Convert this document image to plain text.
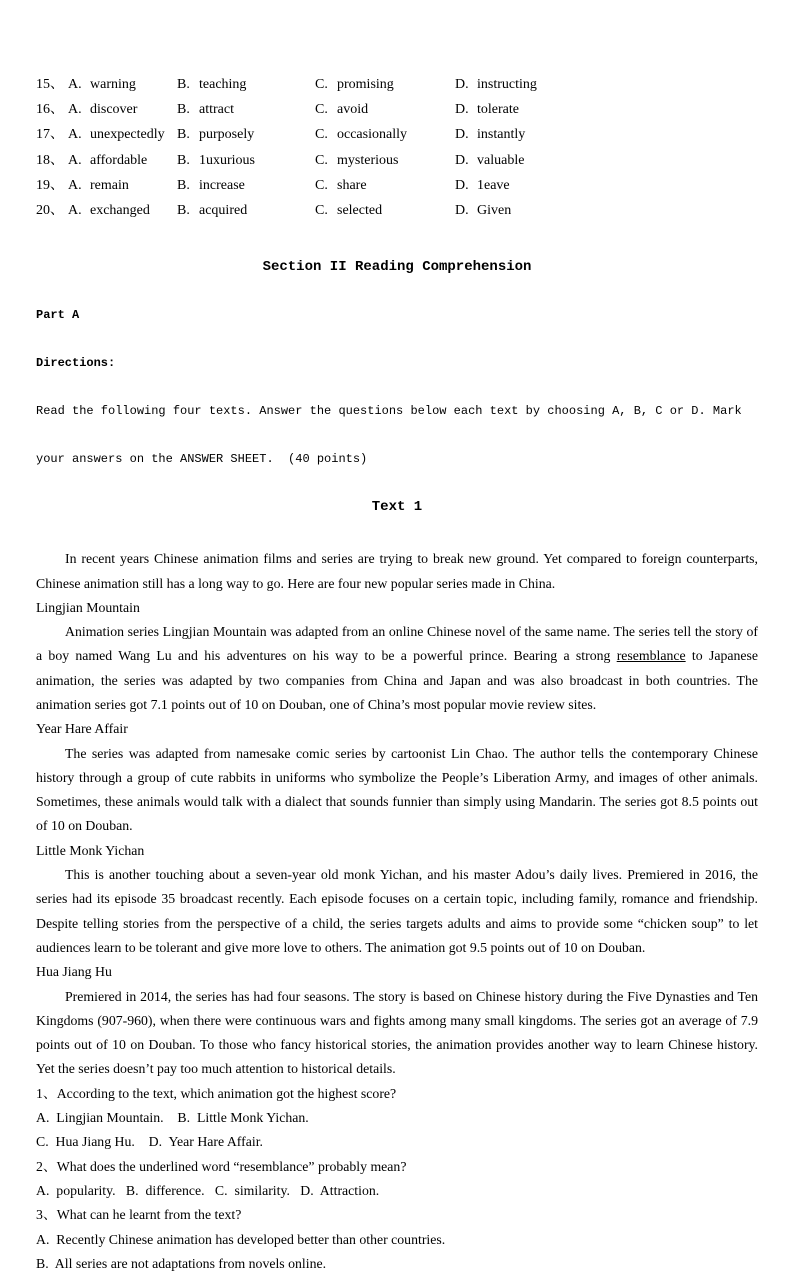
15、 A. warning	B. teaching	C. promising	D. instructing
16、 A. discover	B. attract	C. avoid	D. tolerate
17、 A. unexpectedly B. purposely	C. occasionally	D. instantly
18、 A. affordable	B. 1uxurious	C. mysterious	D. valuable
19、 A. remain	B. increase	C. share	D. 1eave
20、 A. exchanged	B. acquired	C. selected	D. Given

Section II Reading Comprehension

Part A

Directions:

Read the following four texts. Answer the questions below each text by choosing A, B, C or D. Mark

your answers on the ANSWER SHEET.  (40 points)

Text 1

In recent years Chinese animation films and series are trying to break new ground. Yet compared to foreign counterparts, Chinese animation still has a long way to go. Here are four new popular series made in China.

Lingjian Mountain

Animation series Lingjian Mountain was adapted from an online Chinese novel of the same name. The series tell the story of a boy named Wang Lu and his adventures on his way to be a powerful prince. Bearing a strong resemblance to Japanese animation, the series was adapted by two companies from China and Japan and was also broadcast in both countries. The animation series got 7.1 points out of 10 on Douban, one of China’s most popular movie review sites.

Year Hare Affair

The series was adapted from namesake comic series by cartoonist Lin Chao. The author tells the contemporary Chinese history through a group of cute rabbits in uniforms who symbolize the People’s Liberation Army, and images of other animals. Sometimes, these animals would talk with a dialect that sounds funnier than simply using Mandarin. The series got 8.5 points out of 10 on Douban.

Little Monk Yichan

This is another touching about a seven-year old monk Yichan, and his master Adou’s daily lives. Premiered in 2016, the series had its episode 35 broadcast recently. Each episode focuses on a certain topic, including family, romance and friendship. Despite telling stories from the perspective of a child, the series targets adults and aims to provide some “chicken soup” to let audiences learn to be tolerant and give more love to others. The animation got 9.5 points out of 10 on Douban.

Hua Jiang Hu

Premiered in 2014, the series has had four seasons. The story is based on Chinese history during the Five Dynasties and Ten Kingdoms (907-960), when there were continuous wars and fights among many small kingdoms. The series got an average of 7.9 points out of 10 on Douban. To those who fancy historical stories, the animation provides another way to learn Chinese history. Yet the series doesn’t pay too much attention to historical details.

1、According to the text, which animation got the highest score?
A.  Lingjian Mountain.    B.  Little Monk Yichan.
C.  Hua Jiang Hu.    D.  Year Hare Affair.
2、What does the underlined word “resemblance” probably mean?
A.  popularity.   B.  difference.   C.  similarity.   D.  Attraction.
3、What can he learnt from the text?
A.  Recently Chinese animation has developed better than other countries.
B.  All series are not adaptations from novels online.
